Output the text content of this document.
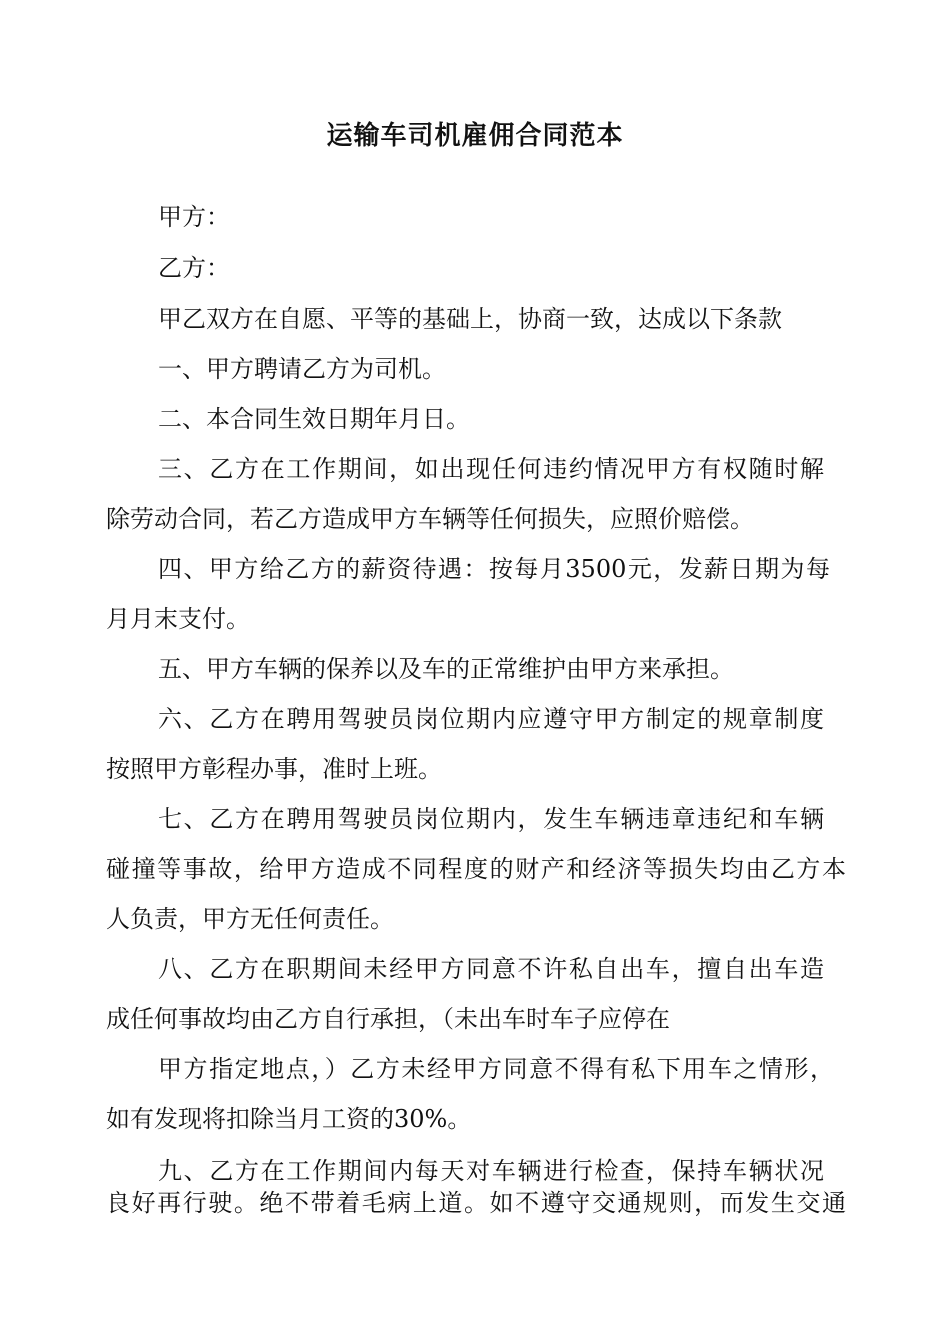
运输车司机雇佣合同范本
甲方：
乙方：
甲乙双方在自愿、平等的基础上，协商一致，达成以下条款
一、甲方聘请乙方为司机。
二、本合同生效日期年月日。
三、乙方在工作期间，如出现任何违约情况甲方有权随时解
除劳动合同，若乙方造成甲方车辆等任何损失，应照价赔偿。
四、甲方给乙方的薪资待遇：按每月3500元，发薪日期为每
月月末支付。
五、甲方车辆的保养以及车的正常维护由甲方来承担。
六、乙方在聘用驾驶员岗位期内应遵守甲方制定的规章制度
按照甲方彰程办事，准时上班。
七、乙方在聘用驾驶员岗位期内，发生车辆违章违纪和车辆
碰撞等事故，给甲方造成不同程度的财产和经济等损失均由乙方本
人负责，甲方无任何责任。
八、乙方在职期间未经甲方同意不许私自出车，擅自出车造
成任何事故均由乙方自行承担，（未出车时车子应停在
甲方指定地点，）乙方未经甲方同意不得有私下用车之情形，
如有发现将扣除当月工资的30%。
九、乙方在工作期间内每天对车辆进行检查，保持车辆状况
良好再行驶。绝不带着毛病上道。如不遵守交通规则，而发生交通
